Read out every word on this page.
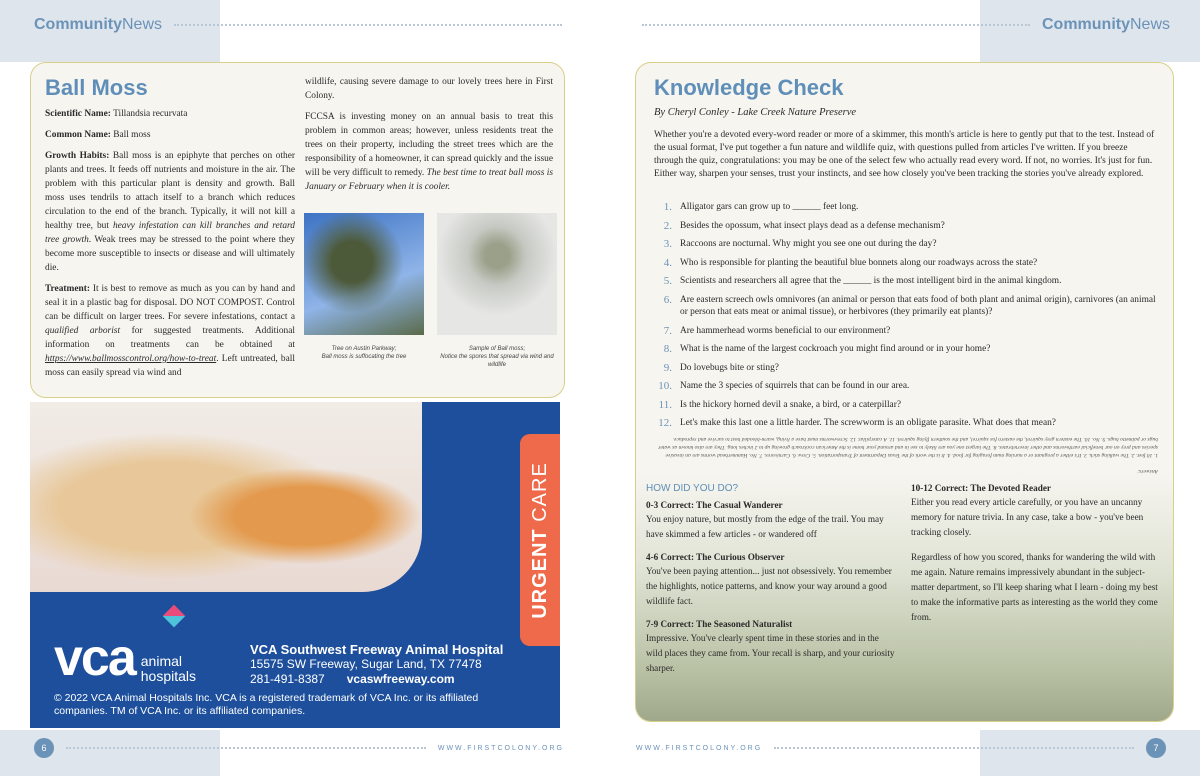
CommunityNews	CommunityNews
Ball Moss

Scientific Name: Tillandsia recurvata

Common Name: Ball moss

Growth Habits: Ball moss is an epiphyte that perches on other plants and trees. It feeds off nutrients and moisture in the air. The problem with this particular plant is density and growth. Ball moss uses tendrils to attach itself to a branch which reduces circulation to the end of the branch. Typically, it will not kill a healthy tree, but heavy infestation can kill branches and retard tree growth. Weak trees may be stressed to the point where they become more susceptible to insects or disease and will ultimately die.

Treatment: It is best to remove as much as you can by hand and seal it in a plastic bag for disposal. DO NOT COMPOST. Control can be difficult on larger trees. For severe infestations, contact a qualified arborist for suggested treatments. Additional information on treatments can be obtained at https://www.ballmosscontrol.org/how-to-treat. Left untreated, ball moss can easily spread via wind and

wildlife, causing severe damage to our lovely trees here in First Colony.

FCCSA is investing money on an annual basis to treat this problem in common areas; however, unless residents treat the trees on their property, including the street trees which are the responsibility of a homeowner, it can spread quickly and the issue will be very difficult to remedy. The best time to treat ball moss is January or February when it is cooler.

Tree on Austin Parkway;
Ball moss is suffocating the tree
Sample of Ball moss;
Notice the spores that spread via wind and wildlife
URGENT CARE
vca animal
hospitals
VCA Southwest Freeway Animal Hospital
15575 SW Freeway, Sugar Land, TX 77478
281-491-8387 vcaswfreeway.com
© 2022 VCA Animal Hospitals Inc. VCA is a registered trademark of VCA Inc. or its affiliated companies. TM of VCA Inc. or its affiliated companies.
Knowledge Check
By Cheryl Conley - Lake Creek Nature Preserve
Whether you're a devoted every-word reader or more of a skimmer, this month's article is here to gently put that to the test. Instead of the usual format, I've put together a fun nature and wildlife quiz, with questions pulled from articles I've written. If you breeze through the quiz, congratulations: you may be one of the select few who actually read every word. If not, no worries. It's just for fun. Either way, sharpen your senses, trust your instincts, and see how closely you've been tracking the stories you've already explored.
1. Alligator gars can grow up to ______ feet long.
2. Besides the opossum, what insect plays dead as a defense mechanism?
3. Raccoons are nocturnal. Why might you see one out during the day?
4. Who is responsible for planting the beautiful blue bonnets along our roadways across the state?
5. Scientists and researchers all agree that the ______ is the most intelligent bird in the animal kingdom.
6. Are eastern screech owls omnivores (an animal or person that eats food of both plant and animal origin), carnivores (an animal or person that eats meat or animal tissue), or herbivores (they primarily eat plants)?
7. Are hammerhead worms beneficial to our environment?
8. What is the name of the largest cockroach you might find around or in your home?
9. Do lovebugs bite or sting?
10. Name the 3 species of squirrels that can be found in our area.
11. Is the hickory horned devil a snake, a bird, or a caterpillar?
12. Let's make this last one a little harder. The screwworm is an obligate parasite. What does that mean?
Answers:
1. 10 feet. 2. The walking stick. 3. It's either a pregnant or a nursing mum foraging for food. 4. It is the work of the Texas Department of Transportation. 5. Crow. 6. Carnivores. 7. No. Hammerhead worms are an invasive species and prey on our beneficial earthworms and other invertebrates. 8. The largest one you are likely to see in and around your home is the American cockroach growing up to 2 inches long. They are also known as water bugs or palmetto bugs. 9. No. 10. The eastern grey squirrel, the eastern fox squirrel, and the southern flying squirrel. 11. A caterpillar. 12. Screwworms must have a living, warm-blooded host to survive and reproduce.
HOW DID YOU DO?
0-3 Correct: The Casual Wanderer

You enjoy nature, but mostly from the edge of the trail. You may have skimmed a few articles - or wandered off

4-6 Correct: The Curious Observer

You've been paying attention... just not obsessively. You remember the highlights, notice patterns, and know your way around a good wildlife fact.

7-9 Correct: The Seasoned Naturalist

Impressive. You've clearly spent time in these stories and in the wild places they came from. Your recall is sharp, and your curiosity sharper.

10-12 Correct: The Devoted Reader

Either you read every article carefully, or you have an uncanny memory for nature trivia. In any case, take a bow - you've been tracking closely.

Regardless of how you scored, thanks for wandering the wild with me again. Nature remains impressively abundant in the subject-matter department, so I'll keep sharing what I learn - doing my best to make the informative parts as interesting as the world they come from.

6	WWW.FIRSTCOLONY.ORG	WWW.FIRSTCOLONY.ORG	7
